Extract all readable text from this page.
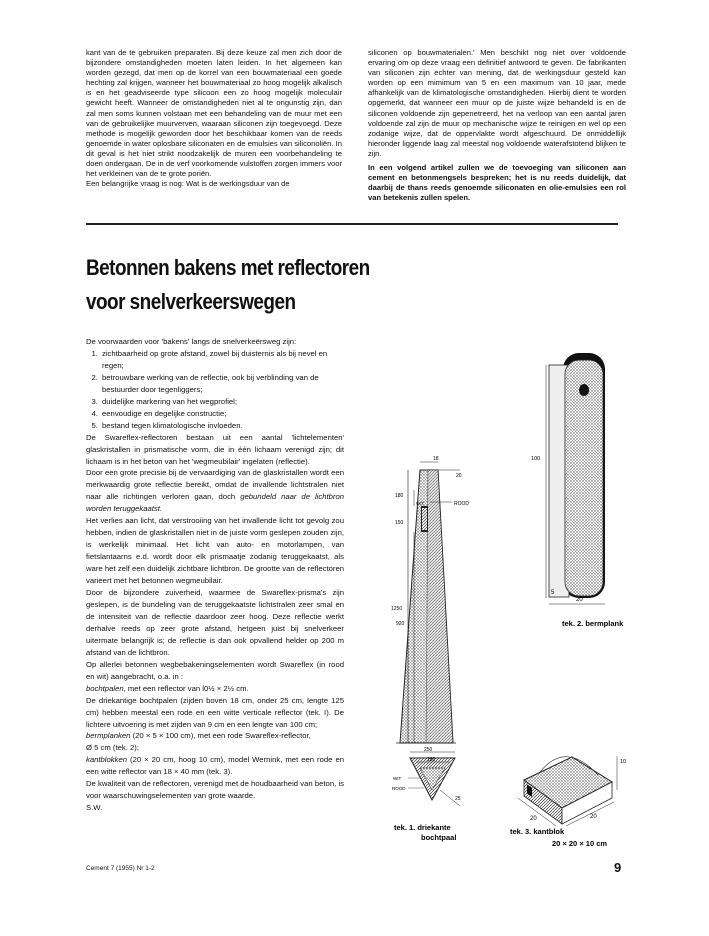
kant van de te gebruiken preparaten. Bij deze keuze zal men zich door de bijzondere omstandigheden moeten laten leiden. In het algemeen kan worden gezegd, dat men op de korrel van een bouwmateriaal een goede hechting zal krijgen, wanneer het bouwmateriaal zo hoog mogelijk alkalisch is en het geadviseerde type silicoon een zo hoog mogelijk moleculair gewicht heeft. Wanneer de omstandigheden niet al te ongunstig zijn, dan zal men soms kunnen volstaan met een behandeling van de muur met een van de gebruikelijke muurverven, waaraan siliconen zijn toegevoegd. Deze methode is mogelijk geworden door het beschikbaar komen van de reeds genoemde in water oplosbare siliconaten en de emulsies van siliconoliën. In dit geval is het niet strikt noodzakelijk de muren een voorbehandeling te doen ondergaan. De in de verf voorkomende vulstoffen zorgen immers voor het verkleinen van de te grote poriën.

Een belangrijke vraag is nog: Wat is de werkingsduur van de

siliconen op bouwmaterialen.' Men beschikt nog niet over voldoende ervaring om op deze vraag een definitief antwoord te geven. De fabrikanten van siliconen zijn echter van mening, dat de werkingsduur gesteld kan worden op een mimimum van 5 en een maximum van 10 jaar, mede afhankelijk van de klimatologische omstandigheden. Hierbij dient te worden opgemerkt, dat wanneer een muur op de juiste wijze behandeld is en de siliconen voldoende zijn gepenetreerd, het na verloop van een aantal jaren voldoende zal zijn de muur op mechanische wijze te reinigen en wel op een zodanige wijze, dat de oppervlakte wordt afgeschuurd. De onmiddellijk hieronder liggende laag zal meestal nog voldoende waterafstotend blijken te zijn.

In een volgend artikel zullen we de toevoeging van siliconen aan cement en betonmengsels bespreken; het is nu reeds duidelijk, dat daarbij de thans reeds genoemde siliconaten en olie-emulsies een rol van betekenis zullen spelen.

Betonnen bakens met reflectoren
voor snelverkeerswegen

De voorwaarden voor 'bakens' langs de snelverkeërsweg zijn:

1. zichtbaarheid op grote afstand, zowel bij duisternis als bij nevel en regen;
2. betrouwbare werking van de reflectie, ook bij verblinding van de bestuurder door tegenliggers;
3. duidelijke markering van het wegprofiel;
4. eenvoudige en degelijke constructie;
5. bestand tegen klimatologische invloeden.

De Swareflex-reflectoren bestaan uit een aantal 'lichtelementen' glaskristallen in prismatische vorm, die in één lichaam verenigd zijn; dit lichaam is in het beton van het 'wegmeubilair' ingelaten (reflectie).

Door een grote precisie bij de vervaardiging van de glaskristallen wordt een merkwaardig grote reflectie bereikt, omdat de invallende lichtstralen niet naar alle richtingen verloren gaan, doch gebundeld naar de lichtbron worden teruggekaatst.

Het verlies aan licht, dat verstrooiing van het invallende licht tot gevolg zou hebben, indien de glaskristallen niet in de juiste vorm geslepen zouden zijn, is werkelijk minimaal. Het licht van auto- en motorlampen, van fietslantaarns e.d. wordt door elk prismaatje zodanig teruggekaatst, als ware het zelf een duidelijk zichtbare lichtbron. De grootte van de reflectoren varieert met het betonnen wegmeubilair.

Door de bijzondere zuiverheid, waarmee de Swareflex-prisma's zijn geslepen, is de bundeling van de teruggekaatste lichtstralen zeer smal en de intensiteit van de reflectie daardoor zeer hoog. Deze reflectie werkt derhalve reeds op zeer grote afstand, hetgeen juist bij snelverkeer uitermate belangrijk is; de reflectie is dan ook opvallend helder op 200 m afstand van de lichtbron.

Op allerlei betonnen wegbebakeningselementen wordt Swareflex (in rood en wit) aangebracht, o.a. in :

bochtpalen, met een reflector van l0½ × 2½ cm.

De driekantige bochtpalen (zijden boven 18 cm, onder 25 cm, lengte 125 cm) hebben meestal een rode en een witte verticale reflector (tek. I). De lichtere uitvoering is met zijden van 9 cm en een lengte van 100 cm;

bermplanken (20 × 5 × 100 cm), met een rode Swareflex-reflector,

Ø 5 cm (tek. 2);

kantblokken (20 × 20 cm, hoog 10 cm), model Wernink, met een rode en een witte reflector van 18 × 40 mm (tek. 3).

De kwaliteit van de reflectoren, verenigd met de houdbaarheid van beton, is voor waarschuwingselementen van grote waarde.

S.W.

18
20
180
WIT	ROOD
150
1250
920
100
5
20
tek. 2. bermplank
250
180
WIT
ROOD
25
tek. 1. driekante
bochtpaal
10
20	20
tek. 3. kantblok
20 × 20 × 10 cm
Cement 7 (1955) Nr 1-2	9
